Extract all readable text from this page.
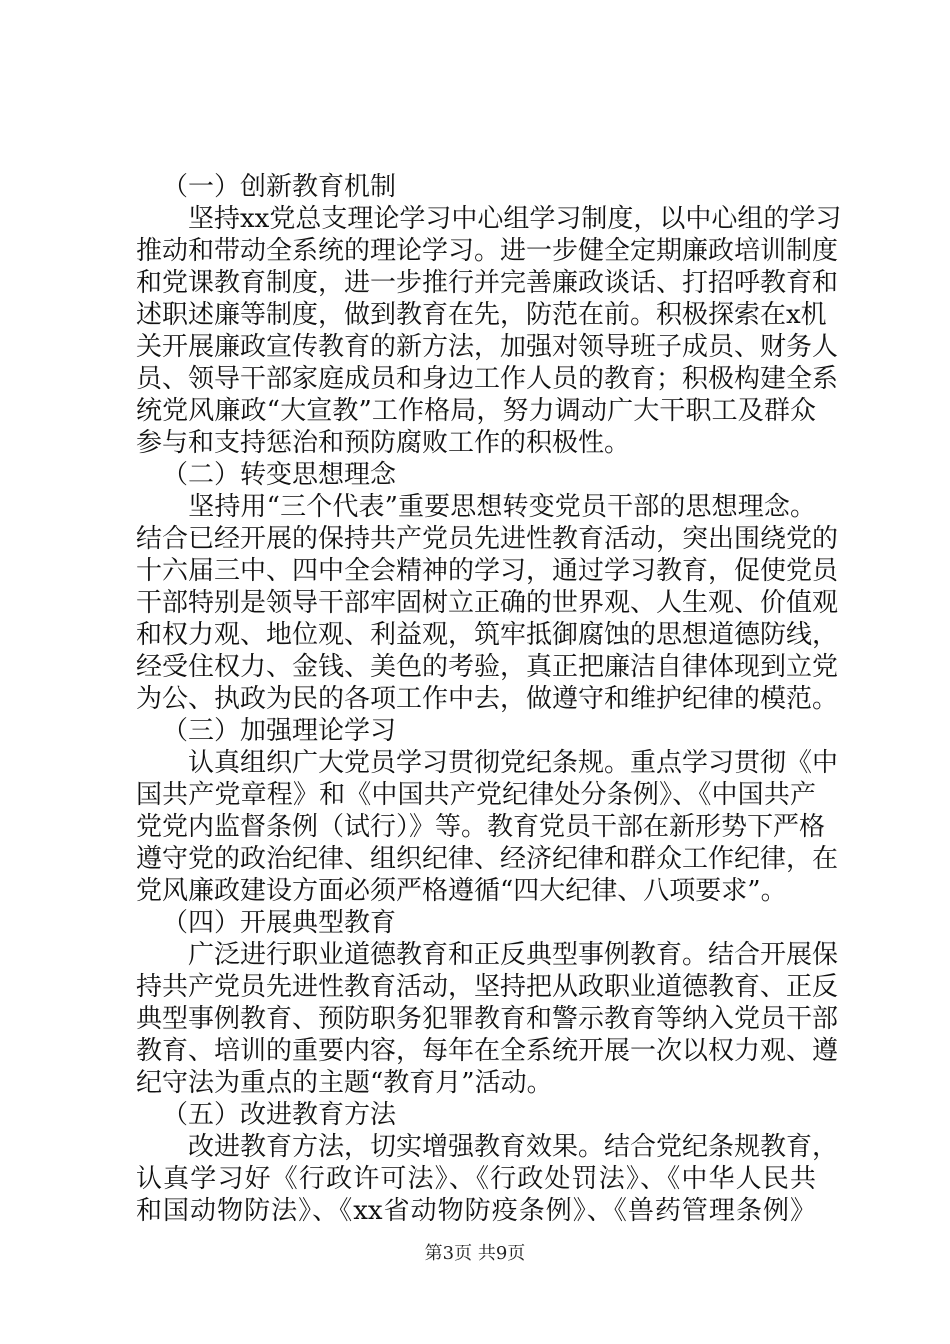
（一）创新教育机制
　　坚持xx党总支理论学习中心组学习制度，以中心组的学习
推动和带动全系统的理论学习。进一步健全定期廉政培训制度
和党课教育制度，进一步推行并完善廉政谈话、打招呼教育和
述职述廉等制度，做到教育在先，防范在前。积极探索在x机
关开展廉政宣传教育的新方法，加强对领导班子成员、财务人
员、领导干部家庭成员和身边工作人员的教育；积极构建全系
统党风廉政“大宣教”工作格局，努力调动广大干职工及群众
参与和支持惩治和预防腐败工作的积极性。
（二）转变思想理念
　　坚持用“三个代表”重要思想转变党员干部的思想理念。
结合已经开展的保持共产党员先进性教育活动，突出围绕党的
十六届三中、四中全会精神的学习，通过学习教育，促使党员
干部特别是领导干部牢固树立正确的世界观、人生观、价值观
和权力观、地位观、利益观，筑牢抵御腐蚀的思想道德防线，
经受住权力、金钱、美色的考验，真正把廉洁自律体现到立党
为公、执政为民的各项工作中去，做遵守和维护纪律的模范。
（三）加强理论学习
　　认真组织广大党员学习贯彻党纪条规。重点学习贯彻《中
国共产党章程》和《中国共产党纪律处分条例》、《中国共产
党党内监督条例（试行）》等。教育党员干部在新形势下严格
遵守党的政治纪律、组织纪律、经济纪律和群众工作纪律，在
党风廉政建设方面必须严格遵循“四大纪律、八项要求”。
（四）开展典型教育
　　广泛进行职业道德教育和正反典型事例教育。结合开展保
持共产党员先进性教育活动，坚持把从政职业道德教育、正反
典型事例教育、预防职务犯罪教育和警示教育等纳入党员干部
教育、培训的重要内容，每年在全系统开展一次以权力观、遵
纪守法为重点的主题“教育月”活动。
（五）改进教育方法
　　改进教育方法，切实增强教育效果。结合党纪条规教育，
认真学习好《行政许可法》、《行政处罚法》、《中华人民共
和国动物防法》、《xx省动物防疫条例》、《兽药管理条例》
第3页 共9页
